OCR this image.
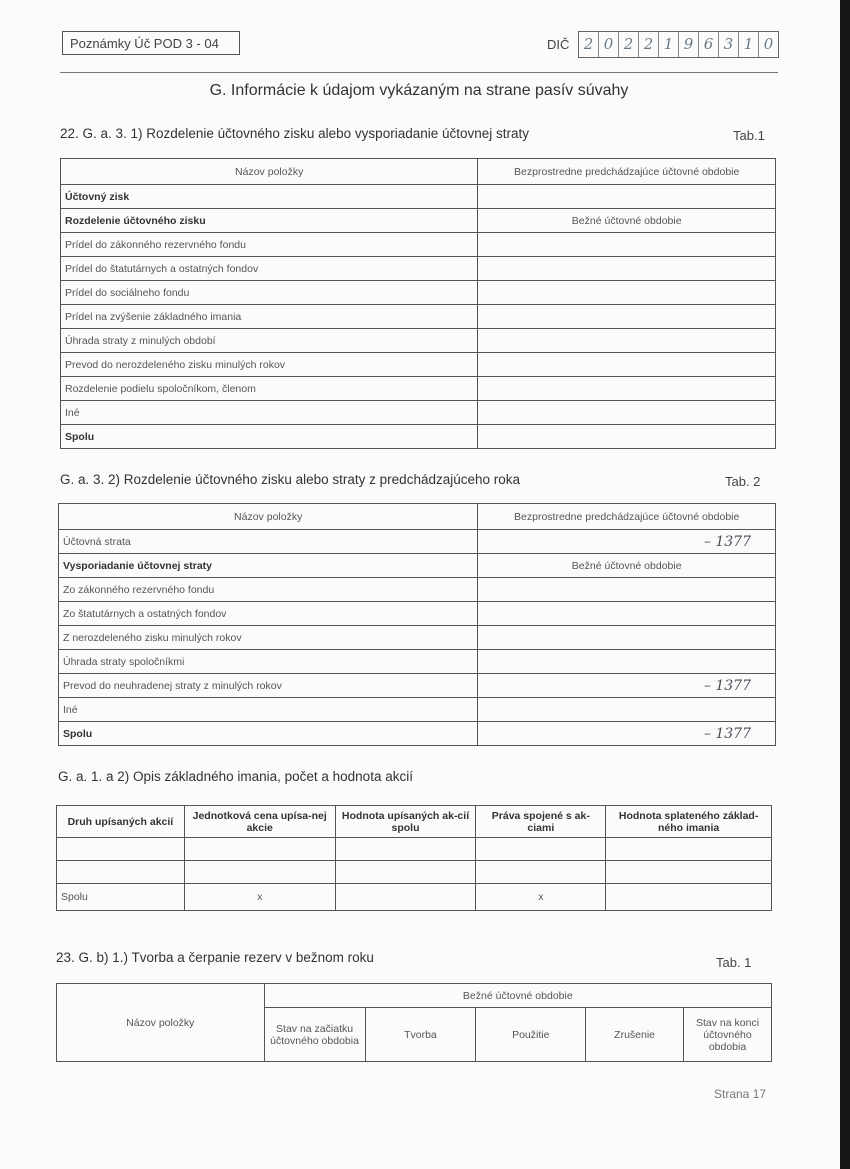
Poznámky Úč POD 3 - 04	DIČ 2 0 2 2 1 9 6 3 1 0
G. Informácie k údajom vykázaným na strane pasív súvahy
22. G. a. 3. 1) Rozdelenie účtovného zisku alebo vysporiadanie účtovnej straty	Tab.1
Názov položky	Bezprostredne predchádzajúce účtovné obdobie
Účtovný zisk	
Rozdelenie účtovného zisku	Bežné účtovné obdobie
Prídel do zákonného rezervného fondu	
Prídel do štatutárnych a ostatných fondov	
Prídel do sociálneho fondu	
Prídel na zvýšenie základného imania	
Úhrada straty z minulých období	
Prevod do nerozdeleného zisku minulých rokov	
Rozdelenie podielu spoločníkom, členom	
Iné	
Spolu	
G. a. 3. 2) Rozdelenie účtovného zisku alebo straty z predchádzajúceho roka	Tab. 2
Názov položky	Bezprostredne predchádzajúce účtovné obdobie
Účtovná strata	– 1377
Vysporiadanie účtovnej straty	Bežné účtovné obdobie
Zo zákonného rezervného fondu	
Zo štatutárnych a ostatných fondov	
Z nerozdeleného zisku minulých rokov	
Úhrada straty spoločníkmi	
Prevod do neuhradenej straty z minulých rokov	– 1377
Iné	
Spolu	– 1377
G. a. 1. a 2) Opis základného imania, počet a hodnota akcií
Druh upísaných akcií	Jednotková cena upísa-nej akcie	Hodnota upísaných ak-cií spolu	Práva spojené s ak-ciami	Hodnota splateného základ-ného imania

Spolu	x		x	
23. G. b) 1.) Tvorba a čerpanie rezerv v bežnom roku	Tab. 1
Názov položky	Bežné účtovné obdobie				
	Stav na začiatku účtovného obdobia	Tvorba	Použitie	Zrušenie	Stav na konci účtovného obdobia
Strana 17
